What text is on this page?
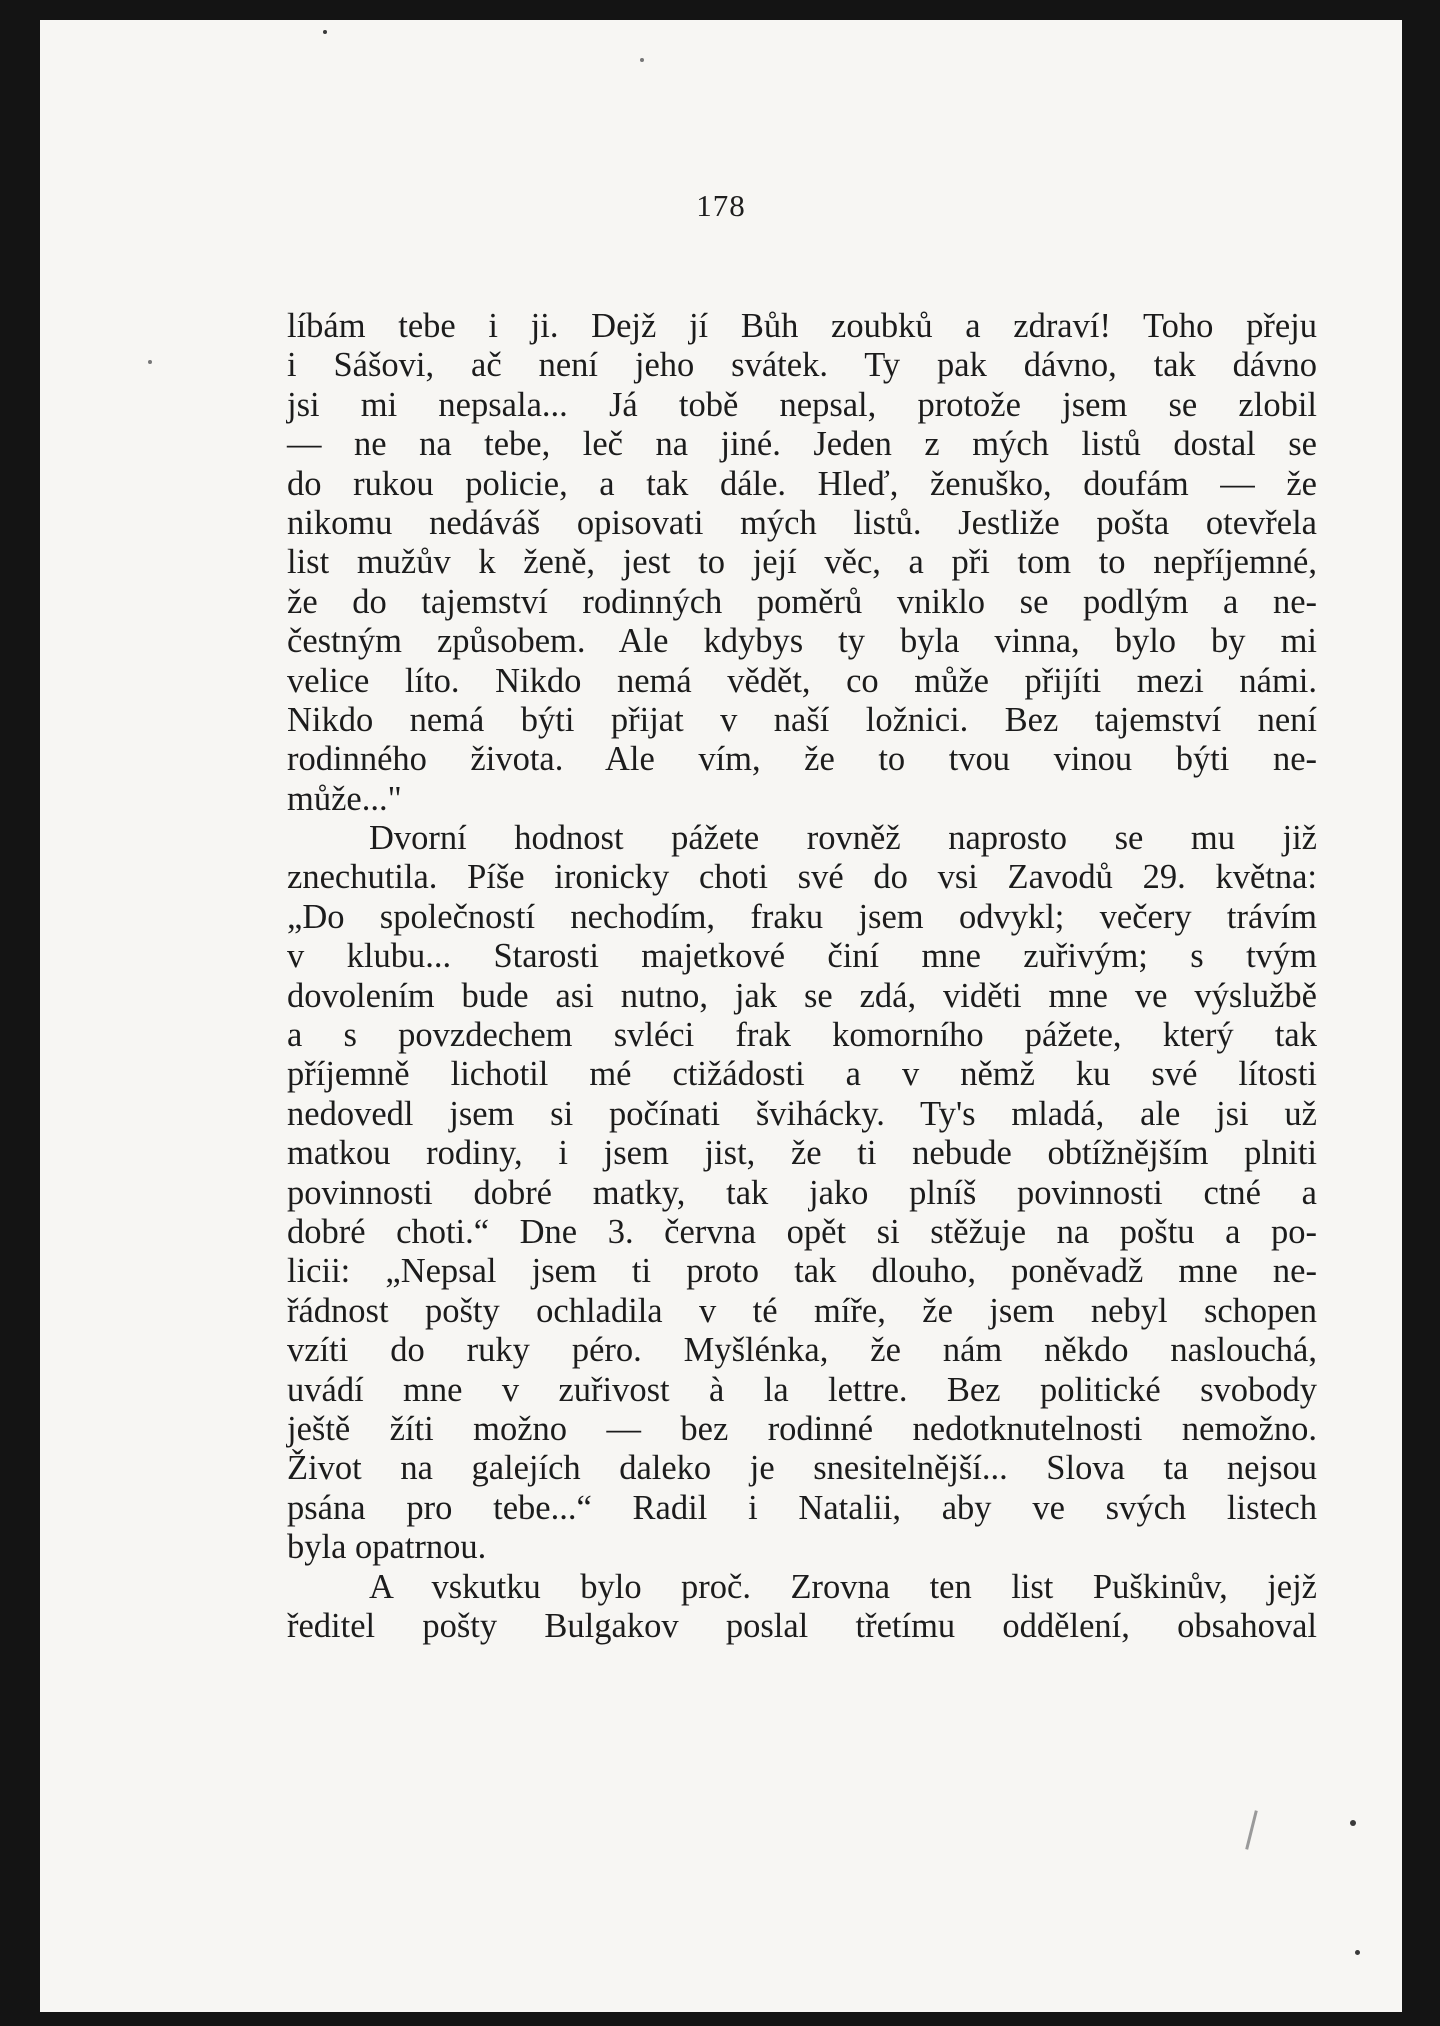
178
líbám tebe i ji. Dejž jí Bůh zoubků a zdraví! Toho přeju
i Sášovi, ač není jeho svátek. Ty pak dávno, tak dávno
jsi mi nepsala... Já tobě nepsal, protože jsem se zlobil
— ne na tebe, leč na jiné. Jeden z mých listů dostal se
do rukou policie, a tak dále. Hleď, ženuško, doufám — že
nikomu nedáváš opisovati mých listů. Jestliže pošta otevřela
list mužův k ženě, jest to její věc, a při tom to nepříjemné,
že do tajemství rodinných poměrů vniklo se podlým a ne-
čestným způsobem. Ale kdybys ty byla vinna, bylo by mi
velice líto. Nikdo nemá vědět, co může přijíti mezi námi.
Nikdo nemá býti přijat v naší ložnici. Bez tajemství není
rodinného života. Ale vím, že to tvou vinou býti ne-
může..."
Dvorní hodnost pážete rovněž naprosto se mu již
znechutila. Píše ironicky choti své do vsi Zavodů 29. května:
„Do společností nechodím, fraku jsem odvykl; večery trávím
v klubu... Starosti majetkové činí mne zuřivým; s tvým
dovolením bude asi nutno, jak se zdá, viděti mne ve výslužbě
a s povzdechem svléci frak komorního pážete, který tak
příjemně lichotil mé ctižádosti a v němž ku své lítosti
nedovedl jsem si počínati švihácky. Ty's mladá, ale jsi už
matkou rodiny, i jsem jist, že ti nebude obtížnějším plniti
povinnosti dobré matky, tak jako plníš povinnosti ctné a
dobré choti.“ Dne 3. června opět si stěžuje na poštu a po-
licii: „Nepsal jsem ti proto tak dlouho, poněvadž mne ne-
řádnost pošty ochladila v té míře, že jsem nebyl schopen
vzíti do ruky péro. Myšlénka, že nám někdo naslouchá,
uvádí mne v zuřivost à la lettre. Bez politické svobody
ještě žíti možno — bez rodinné nedotknutelnosti nemožno.
Život na galejích daleko je snesitelnější... Slova ta nejsou
psána pro tebe...“ Radil i Natalii, aby ve svých listech
byla opatrnou.
A vskutku bylo proč. Zrovna ten list Puškinův, jejž
ředitel pošty Bulgakov poslal třetímu oddělení, obsahoval
